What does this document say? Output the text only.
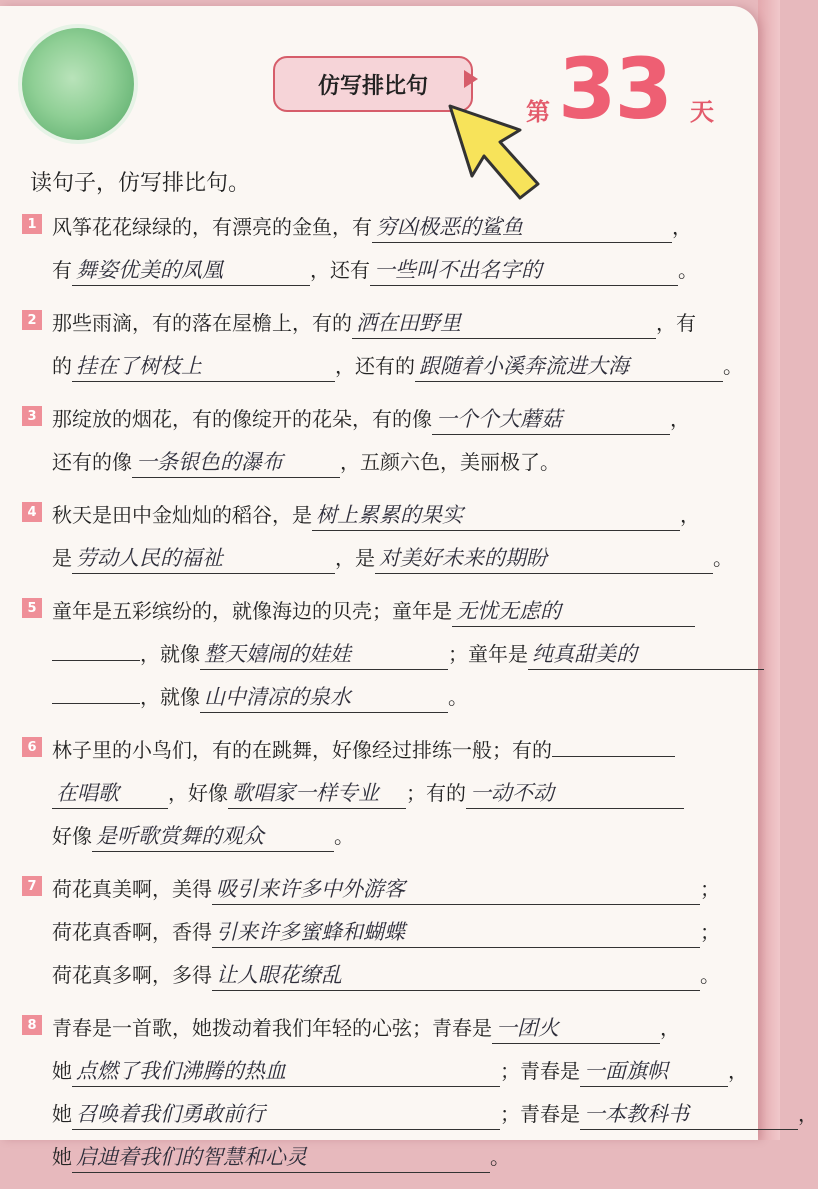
仿写排比句
第 33 天
读句子，仿写排比句。
1 风筝花花绿绿的，有漂亮的金鱼，有 穷凶极恶的鲨鱼	，
有 舞姿优美的凤凰	，还有 一些叫不出名字的	。
2 那些雨滴，有的落在屋檐上，有的 洒在田野里	，有
的 挂在了树枝上	，还有的 跟随着小溪奔流进大海	。
3 那绽放的烟花，有的像绽开的花朵，有的像 一个个大蘑菇	，
还有的像 一条银色的瀑布	，五颜六色，美丽极了。
4 秋天是田中金灿灿的稻谷，是 树上累累的果实	，
是 劳动人民的福祉	，是 对美好未来的期盼	。
5 童年是五彩缤纷的，就像海边的贝壳；童年是 无忧无虑的
，就像 整天嬉闹的娃娃	；童年是 纯真甜美的
，就像 山中清凉的泉水	。
6 林子里的小鸟们，有的在跳舞，好像经过排练一般；有的
在唱歌 ，好像 歌唱家一样专业 ；有的 一动不动
好像 是听歌赏舞的观众	。
7 荷花真美啊，美得 吸引来许多中外游客	；
荷花真香啊，香得 引来许多蜜蜂和蝴蝶	；
荷花真多啊，多得 让人眼花缭乱	。
8 青春是一首歌，她拨动着我们年轻的心弦；青春是 一团火	，
她 点燃了我们沸腾的热血	；青春是 一面旗帜	，
她 召唤着我们勇敢前行	；青春是 一本教科书	，
她 启迪着我们的智慧和心灵	。
